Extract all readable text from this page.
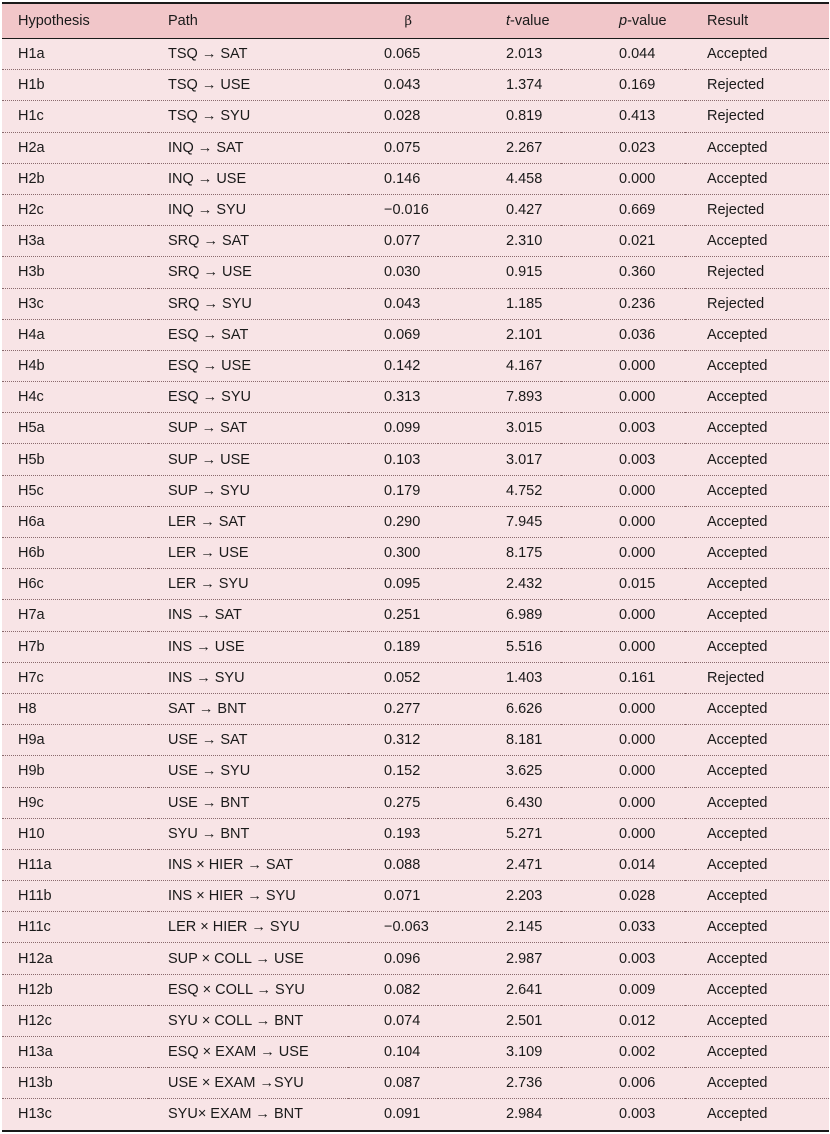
Hypothesis	Path	β	t-value	p-value	Result
H1a	TSQ → SAT	0.065	2.013	0.044	Accepted
H1b	TSQ → USE	0.043	1.374	0.169	Rejected
H1c	TSQ → SYU	0.028	0.819	0.413	Rejected
H2a	INQ → SAT	0.075	2.267	0.023	Accepted
H2b	INQ → USE	0.146	4.458	0.000	Accepted
H2c	INQ → SYU	−0.016	0.427	0.669	Rejected
H3a	SRQ → SAT	0.077	2.310	0.021	Accepted
H3b	SRQ → USE	0.030	0.915	0.360	Rejected
H3c	SRQ → SYU	0.043	1.185	0.236	Rejected
H4a	ESQ → SAT	0.069	2.101	0.036	Accepted
H4b	ESQ → USE	0.142	4.167	0.000	Accepted
H4c	ESQ → SYU	0.313	7.893	0.000	Accepted
H5a	SUP → SAT	0.099	3.015	0.003	Accepted
H5b	SUP → USE	0.103	3.017	0.003	Accepted
H5c	SUP → SYU	0.179	4.752	0.000	Accepted
H6a	LER → SAT	0.290	7.945	0.000	Accepted
H6b	LER → USE	0.300	8.175	0.000	Accepted
H6c	LER → SYU	0.095	2.432	0.015	Accepted
H7a	INS → SAT	0.251	6.989	0.000	Accepted
H7b	INS → USE	0.189	5.516	0.000	Accepted
H7c	INS → SYU	0.052	1.403	0.161	Rejected
H8	SAT → BNT	0.277	6.626	0.000	Accepted
H9a	USE → SAT	0.312	8.181	0.000	Accepted
H9b	USE → SYU	0.152	3.625	0.000	Accepted
H9c	USE → BNT	0.275	6.430	0.000	Accepted
H10	SYU → BNT	0.193	5.271	0.000	Accepted
H11a	INS × HIER → SAT	0.088	2.471	0.014	Accepted
H11b	INS × HIER → SYU	0.071	2.203	0.028	Accepted
H11c	LER × HIER → SYU	−0.063	2.145	0.033	Accepted
H12a	SUP × COLL → USE	0.096	2.987	0.003	Accepted
H12b	ESQ × COLL → SYU	0.082	2.641	0.009	Accepted
H12c	SYU × COLL → BNT	0.074	2.501	0.012	Accepted
H13a	ESQ × EXAM → USE	0.104	3.109	0.002	Accepted
H13b	USE × EXAM →SYU	0.087	2.736	0.006	Accepted
H13c	SYU× EXAM → BNT	0.091	2.984	0.003	Accepted
